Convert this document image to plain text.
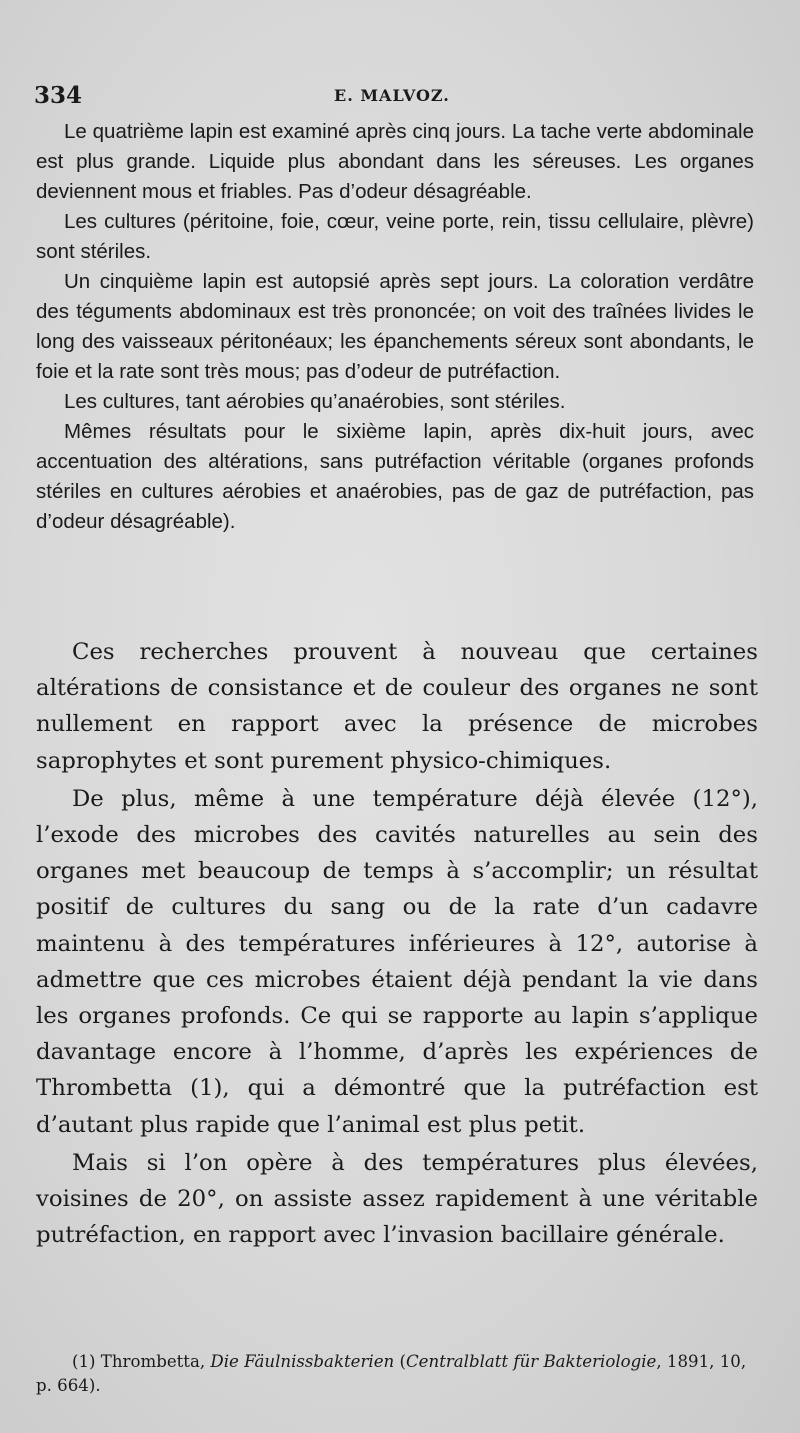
334	E. MALVOZ.

Le quatrième lapin est examiné après cinq jours. La tache verte abdominale est plus grande. Liquide plus abondant dans les séreuses. Les organes deviennent mous et friables. Pas d’odeur désagréable.

Les cultures (péritoine, foie, cœur, veine porte, rein, tissu cellulaire, plèvre) sont stériles.

Un cinquième lapin est autopsié après sept jours. La coloration verdâtre des téguments abdominaux est très prononcée; on voit des traînées livides le long des vaisseaux péritonéaux; les épanchements séreux sont abondants, le foie et la rate sont très mous; pas d’odeur de putréfaction.

Les cultures, tant aérobies qu’anaérobies, sont stériles.

Mêmes résultats pour le sixième lapin, après dix-huit jours, avec accentuation des altérations, sans putréfaction véritable (organes profonds stériles en cultures aérobies et anaérobies, pas de gaz de putréfaction, pas d’odeur désagréable).

Ces recherches prouvent à nouveau que certaines altérations de consistance et de couleur des organes ne sont nullement en rapport avec la présence de microbes saprophytes et sont purement physico-chimiques.

De plus, même à une température déjà élevée (12°), l’exode des microbes des cavités naturelles au sein des organes met beaucoup de temps à s’accomplir; un résultat positif de cultures du sang ou de la rate d’un cadavre maintenu à des températures inférieures à 12°, autorise à admettre que ces microbes étaient déjà pendant la vie dans les organes profonds. Ce qui se rapporte au lapin s’applique davantage encore à l’homme, d’après les expériences de Thrombetta (1), qui a démontré que la putréfaction est d’autant plus rapide que l’animal est plus petit.

Mais si l’on opère à des températures plus élevées, voisines de 20°, on assiste assez rapidement à une véritable putréfaction, en rapport avec l’invasion bacillaire générale.

(1) Thrombetta, Die Fäulnissbakterien (Centralblatt für Bakteriologie, 1891, 10, p. 664).
